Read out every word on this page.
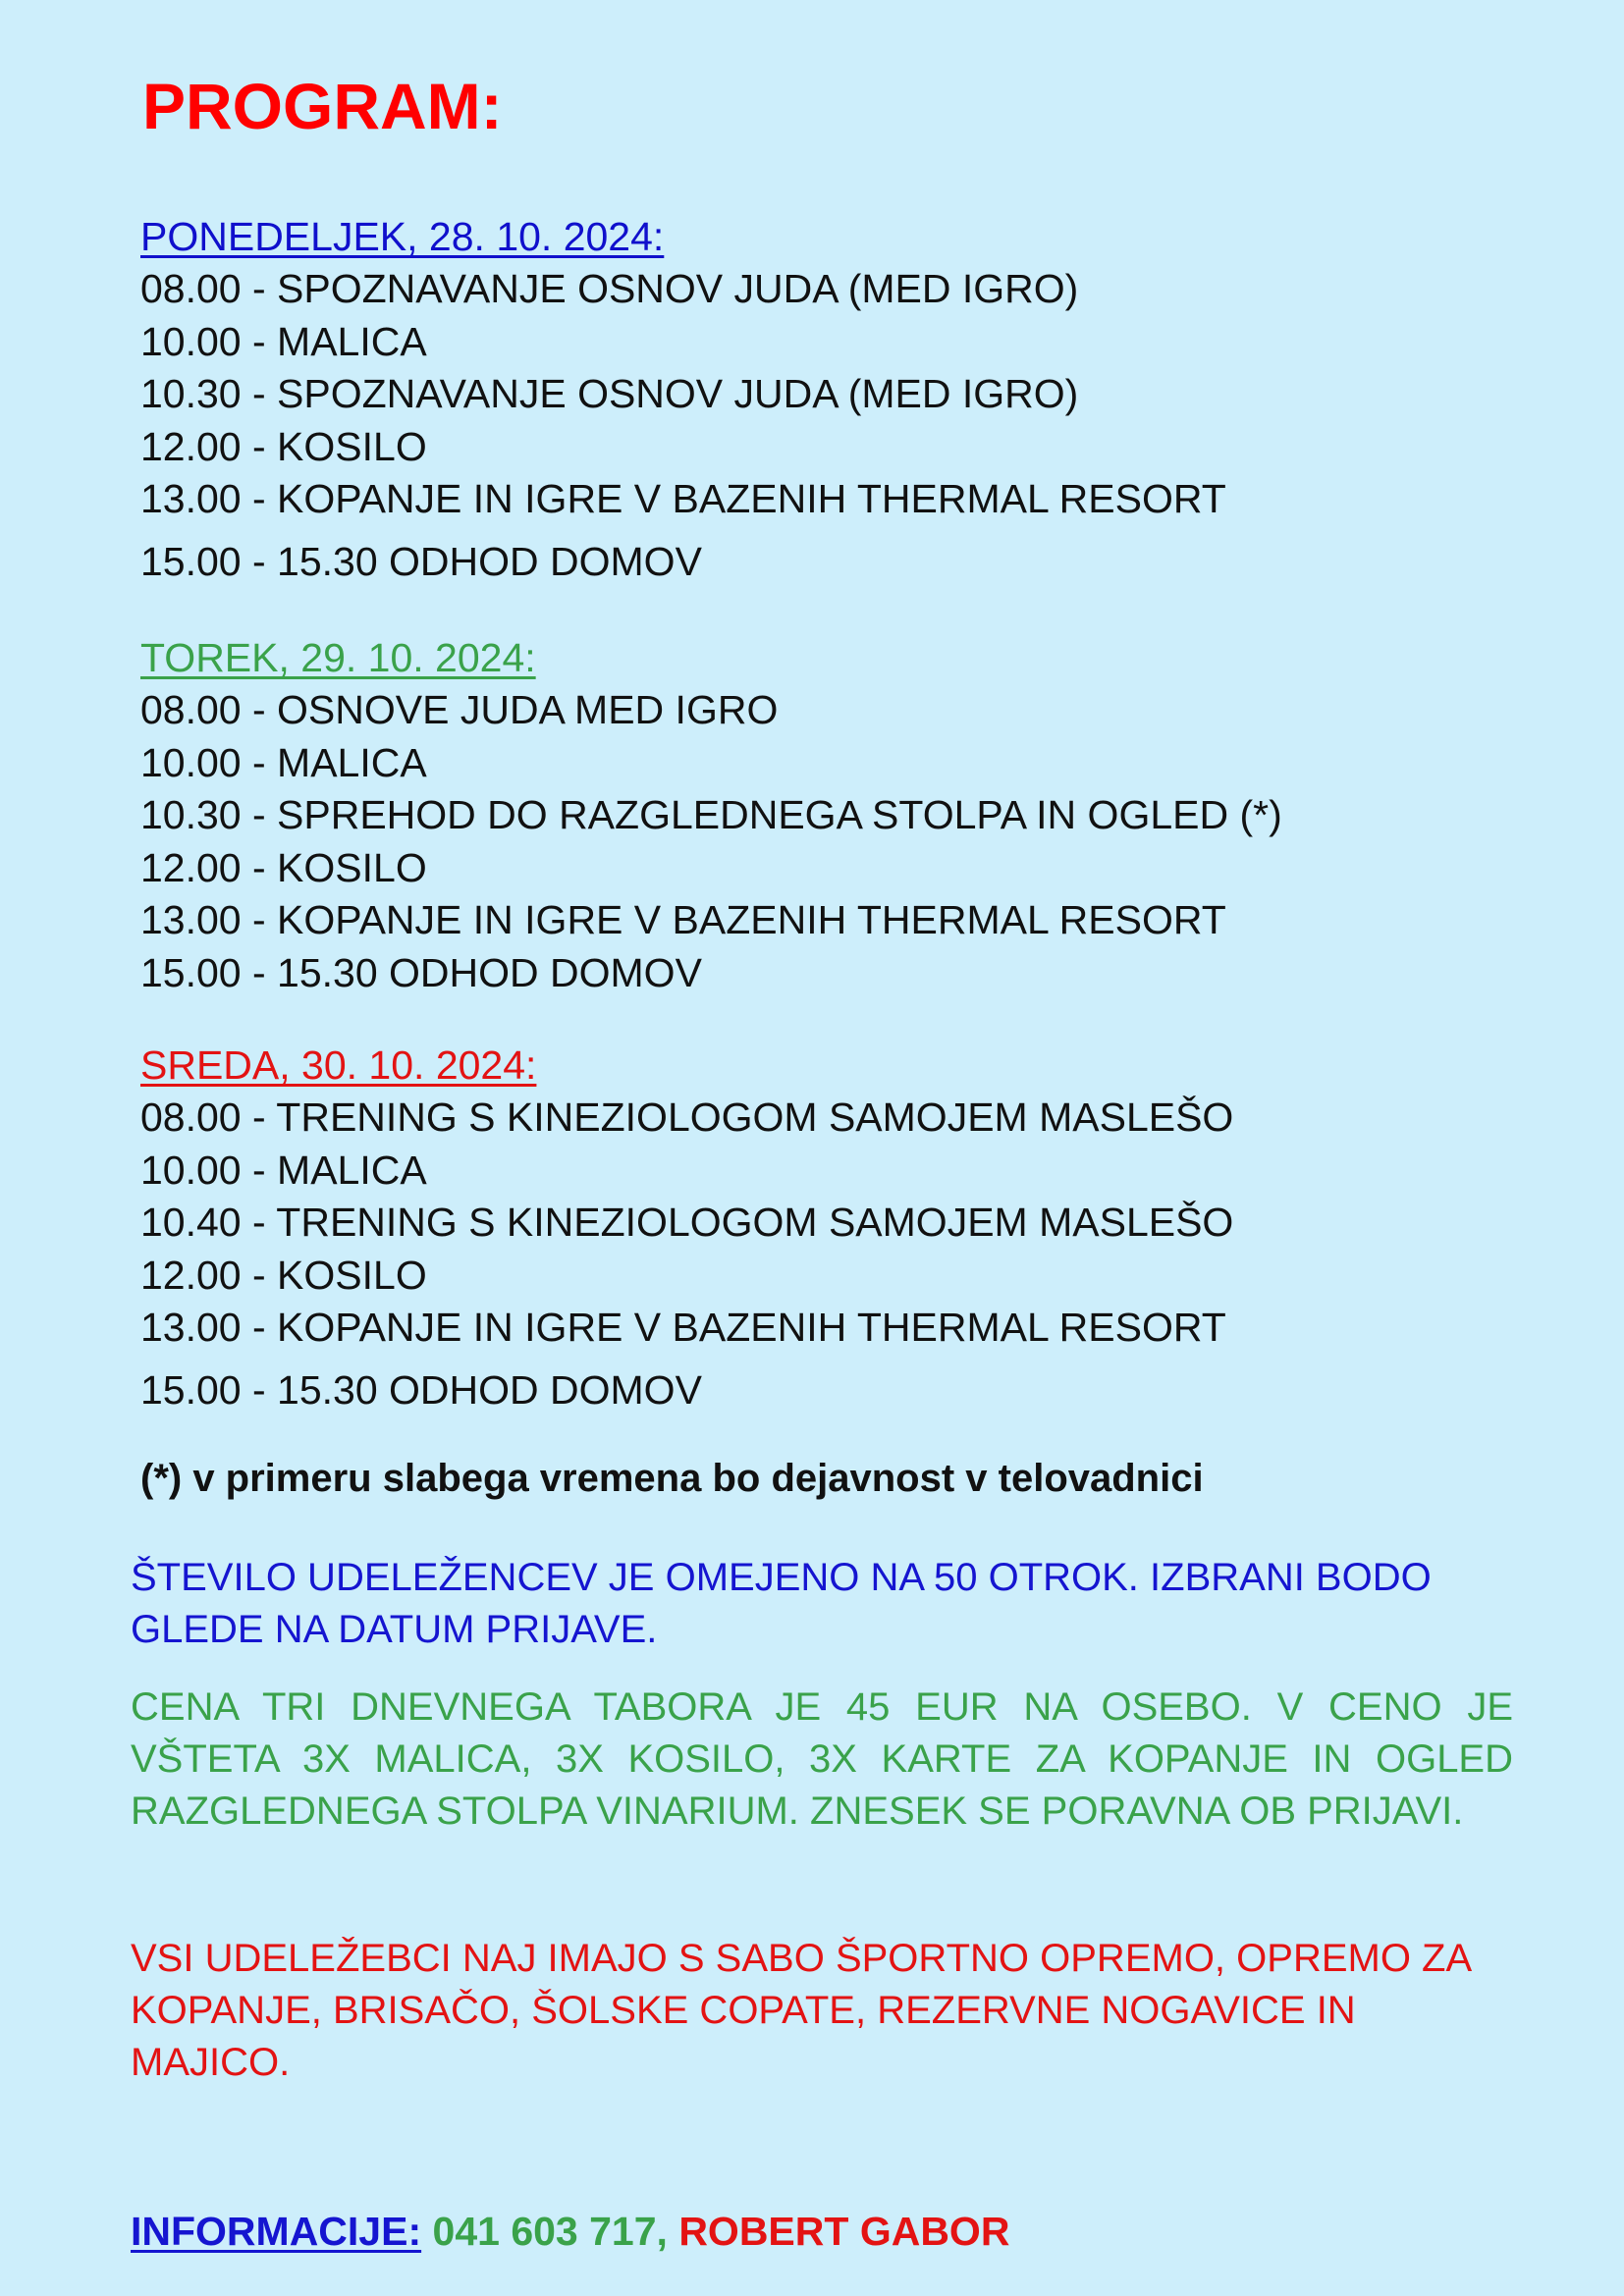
PROGRAM:
PONEDELJEK, 28. 10. 2024:
08.00 - SPOZNAVANJE OSNOV JUDA (MED IGRO)
10.00 - MALICA
10.30 - SPOZNAVANJE OSNOV JUDA (MED IGRO)
12.00 - KOSILO
13.00 - KOPANJE IN IGRE V BAZENIH THERMAL RESORT
15.00 - 15.30 ODHOD DOMOV
TOREK, 29. 10. 2024:
08.00 - OSNOVE JUDA MED IGRO
10.00 - MALICA
10.30 - SPREHOD DO RAZGLEDNEGA STOLPA IN OGLED (*)
12.00 - KOSILO
13.00 - KOPANJE IN IGRE V BAZENIH THERMAL RESORT
15.00 - 15.30 ODHOD DOMOV
SREDA, 30. 10. 2024:
08.00 - TRENING S KINEZIOLOGOM SAMOJEM MASLEŠO
10.00 - MALICA
10.40 - TRENING S KINEZIOLOGOM SAMOJEM MASLEŠO
12.00 - KOSILO
13.00 - KOPANJE IN IGRE V BAZENIH THERMAL RESORT
15.00 - 15.30 ODHOD DOMOV
(*) v primeru slabega vremena bo dejavnost v telovadnici
ŠTEVILO UDELEŽENCEV JE OMEJENO NA 50 OTROK. IZBRANI BODO GLEDE NA DATUM PRIJAVE.
CENA TRI DNEVNEGA TABORA JE 45 EUR NA OSEBO. V CENO JE VŠTETA 3X MALICA, 3X KOSILO, 3X KARTE ZA KOPANJE IN OGLED RAZGLEDNEGA STOLPA VINARIUM. ZNESEK SE PORAVNA OB PRIJAVI.
VSI UDELEŽEBCI NAJ IMAJO S SABO ŠPORTNO OPREMO, OPREMO ZA KOPANJE, BRISAČO, ŠOLSKE COPATE, REZERVNE NOGAVICE IN MAJICO.
INFORMACIJE: 041 603 717, ROBERT GABOR
